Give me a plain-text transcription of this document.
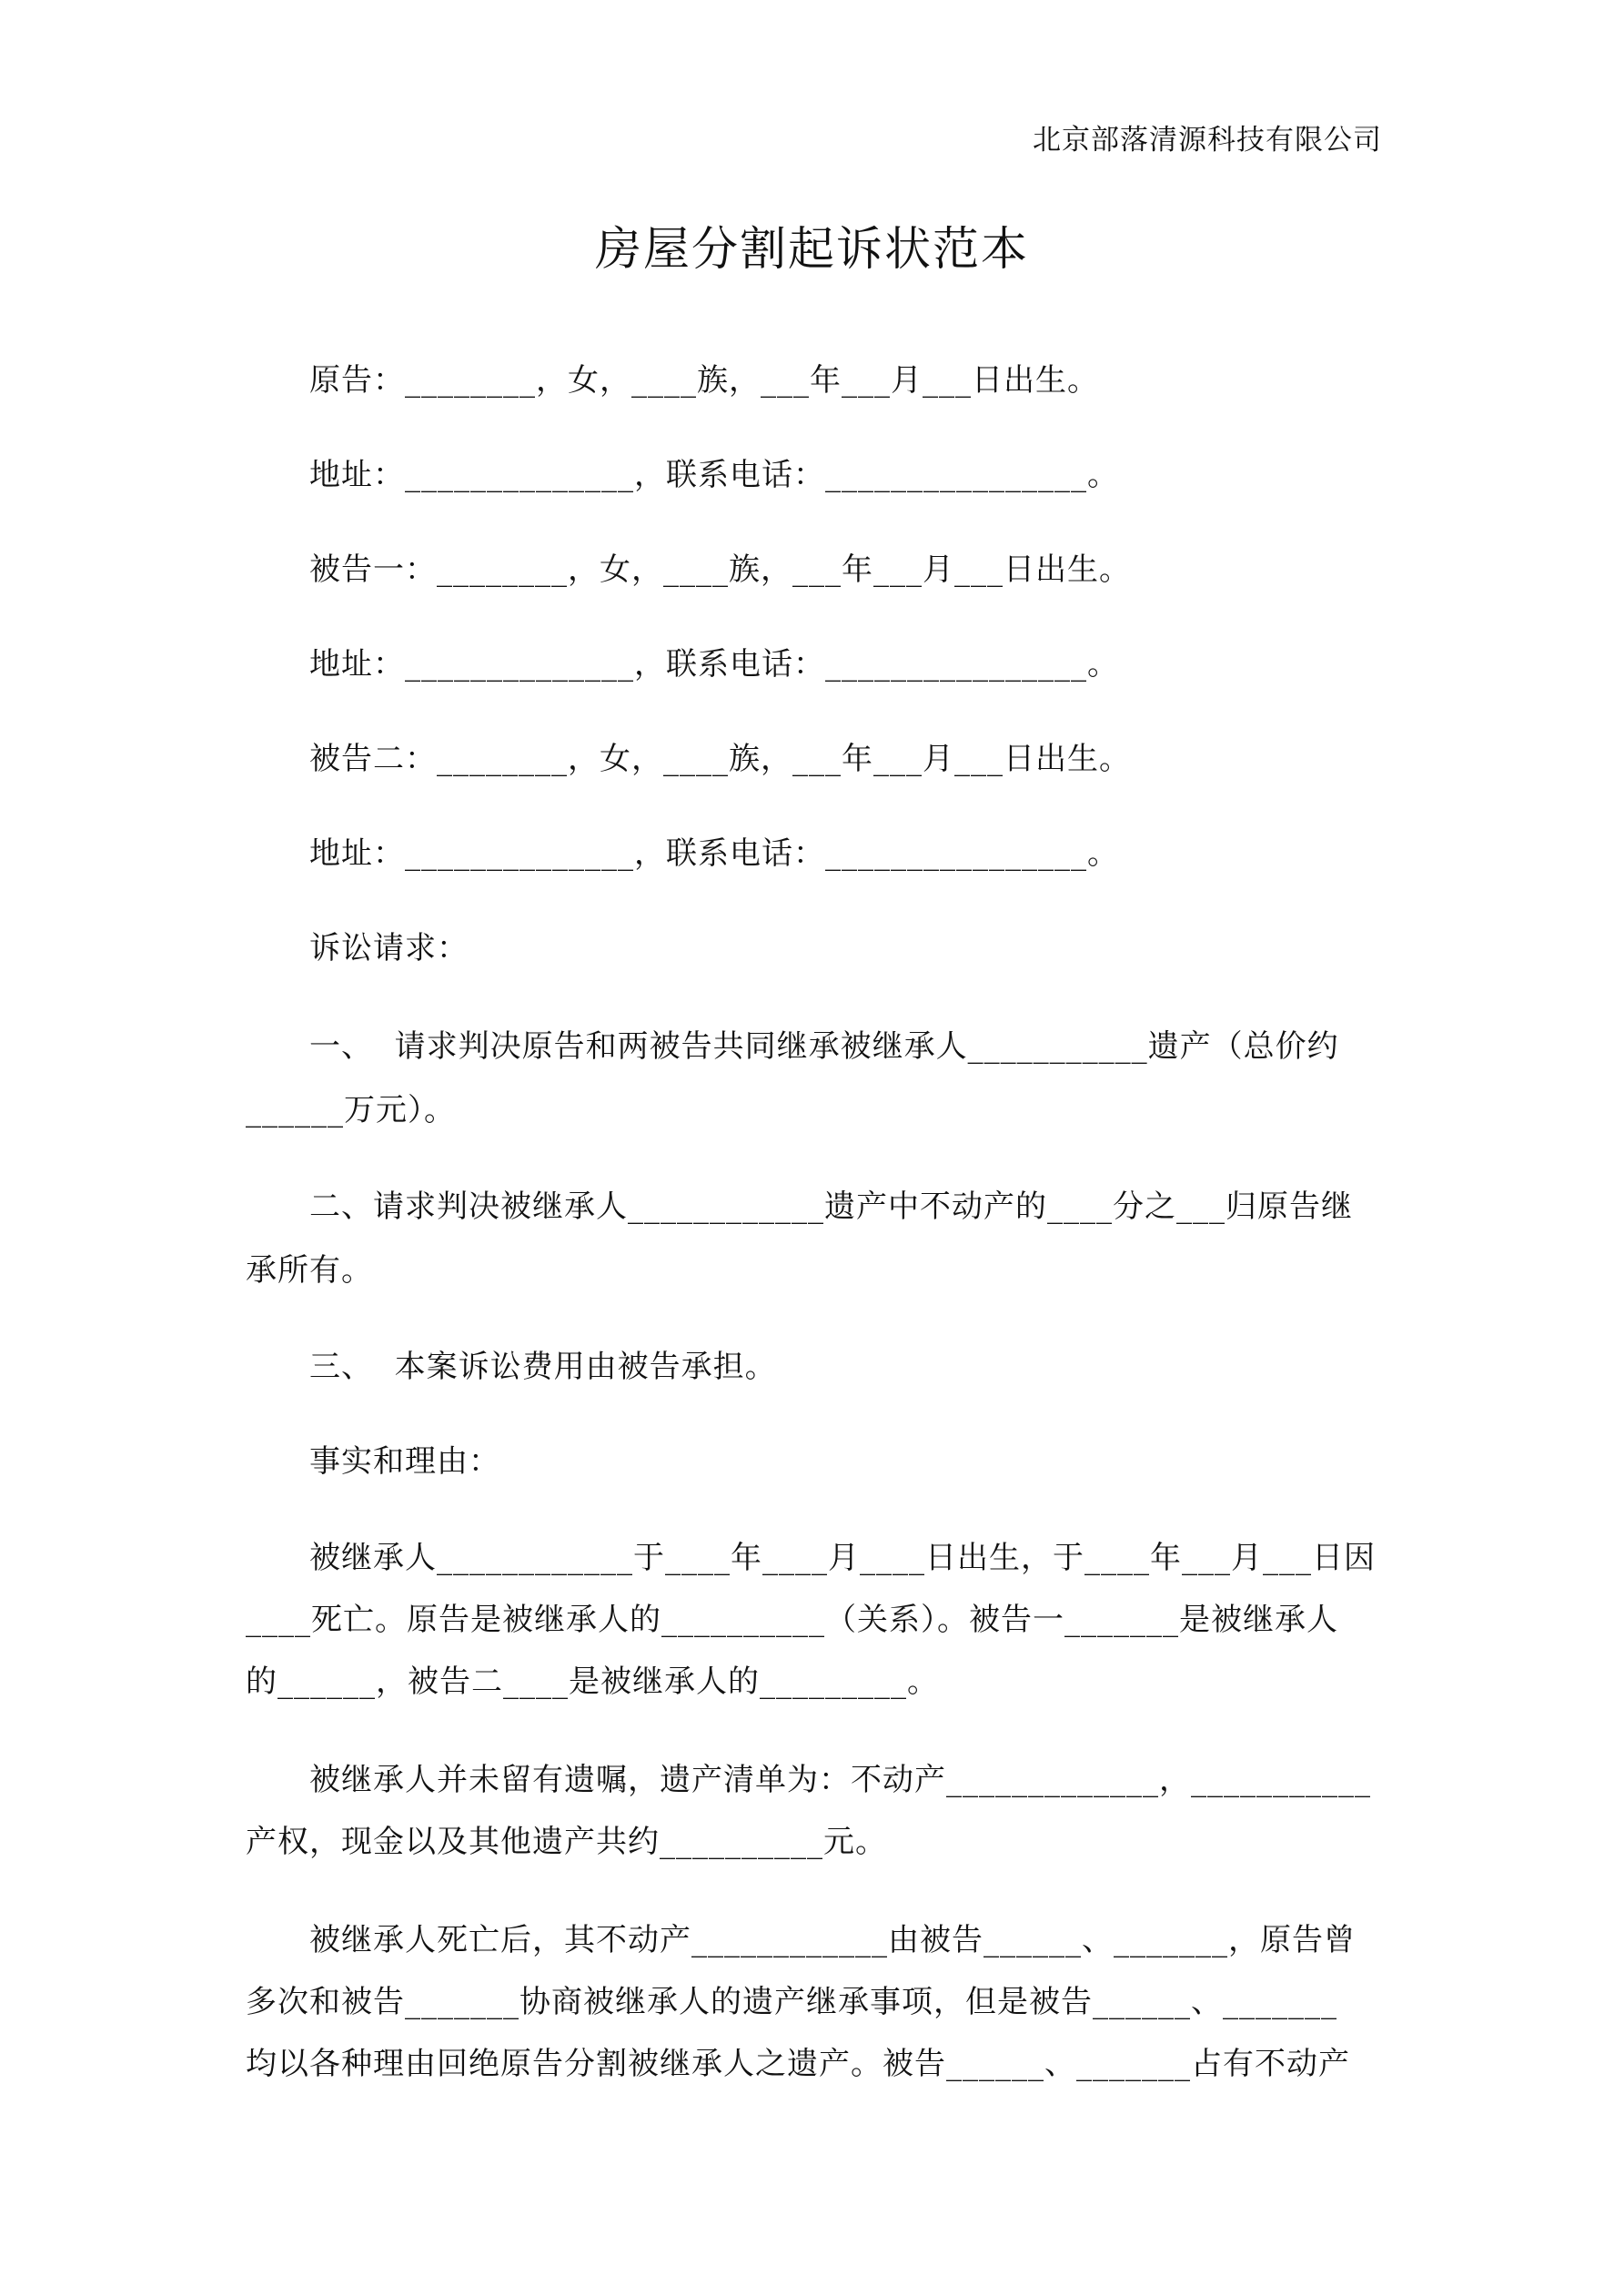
北京部落清源科技有限公司
房屋分割起诉状范本
原告：________，女，____族，___年___月___日出生。
地址：______________，联系电话：________________。
被告一：________，女，____族，___年___月___日出生。
地址：______________，联系电话：________________。
被告二：________，女，____族，___年___月___日出生。
地址：______________，联系电话：________________。
诉讼请求：
一、  请求判决原告和两被告共同继承被继承人___________遗产（总价约
______万元）。
二、请求判决被继承人____________遗产中不动产的____分之___归原告继
承所有。
三、  本案诉讼费用由被告承担。
事实和理由：
被继承人____________于____年____月____日出生，于____年___月___日因
____死亡。原告是被继承人的__________（关系）。被告一_______是被继承人
的______，被告二____是被继承人的_________。
被继承人并未留有遗嘱，遗产清单为：不动产_____________，___________
产权，现金以及其他遗产共约__________元。
被继承人死亡后，其不动产____________由被告______、_______，原告曾
多次和被告_______协商被继承人的遗产继承事项，但是被告______、_______
均以各种理由回绝原告分割被继承人之遗产。被告______、_______占有不动产
